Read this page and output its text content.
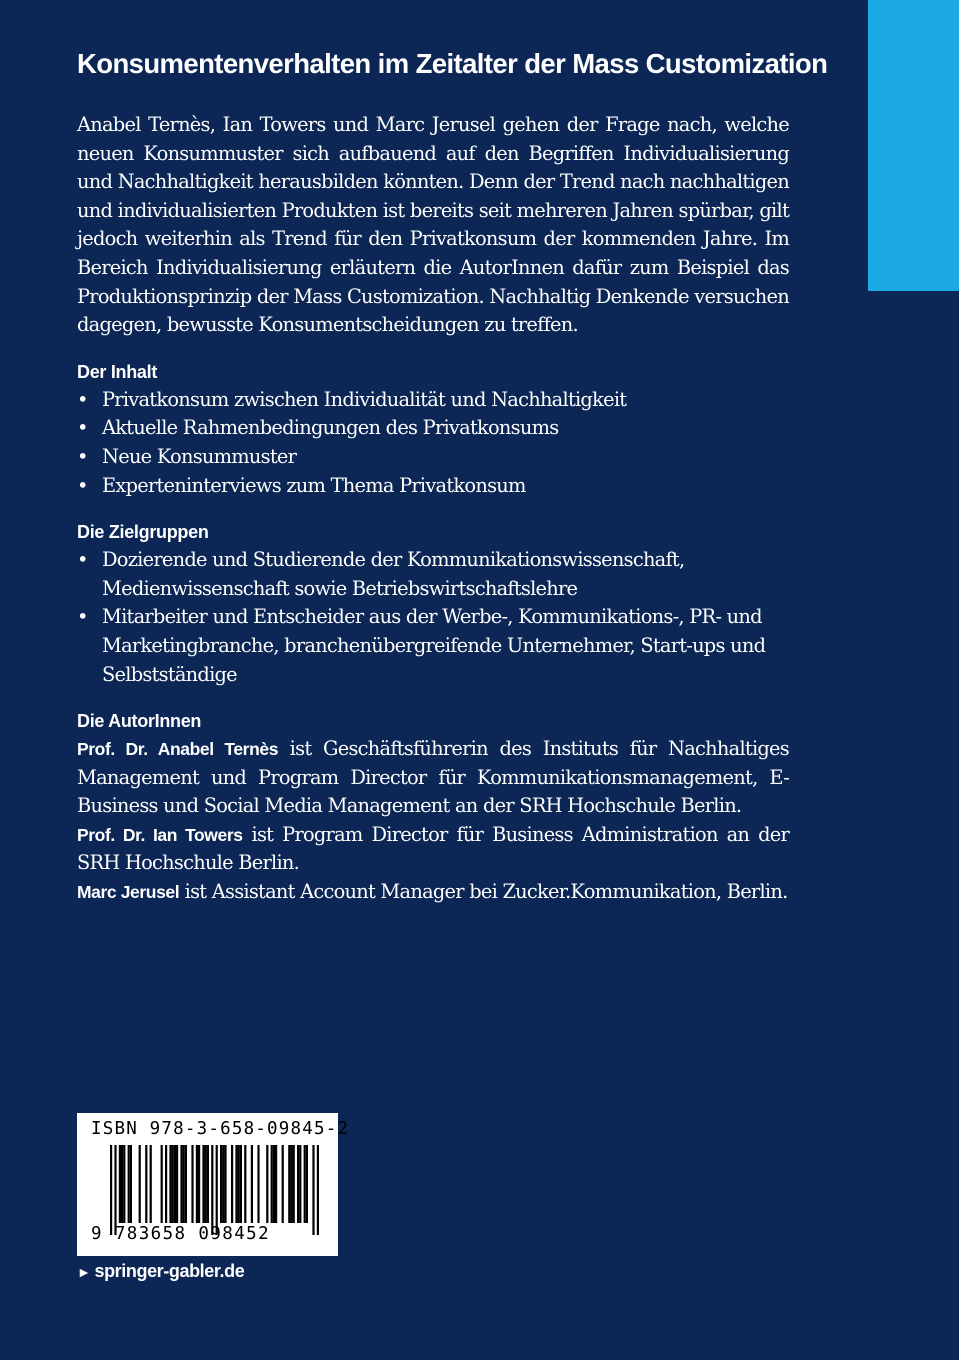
Konsumentenverhalten im Zeitalter der Mass Customization

Anabel Ternès, Ian Towers und Marc Jerusel gehen der Frage nach, welche neuen Konsummuster sich aufbauend auf den Begriffen Individualisierung und Nachhaltigkeit herausbilden könnten. Denn der Trend nach nachhaltigen und individualisierten Produkten ist bereits seit mehreren Jahren spürbar, gilt jedoch weiterhin als Trend für den Privatkonsum der kommenden Jahre. Im Bereich Individualisierung erläutern die AutorInnen dafür zum Beispiel das Produktionsprinzip der Mass Customization. Nachhaltig Denkende versuchen dagegen, bewusste Konsumentscheidungen zu treffen.

Der Inhalt
• Privatkonsum zwischen Individualität und Nachhaltigkeit
• Aktuelle Rahmenbedingungen des Privatkonsums
• Neue Konsummuster
• Experteninterviews zum Thema Privatkonsum
Die Zielgruppen
• Dozierende und Studierende der Kommunikationswissenschaft, Medienwissenschaft sowie Betriebswirtschaftslehre
• Mitarbeiter und Entscheider aus der Werbe-, Kommunikations-, PR- und Marketingbranche, branchenübergreifende Unternehmer, Start-ups und Selbstständige
Die AutorInnen

Prof. Dr. Anabel Ternès ist Geschäftsführerin des Instituts für Nachhaltiges Management und Program Director für Kommunikationsmanagement, E-Business und Social Media Management an der SRH Hochschule Berlin.

Prof. Dr. Ian Towers ist Program Director für Business Administration an der SRH Hochschule Berlin.

Marc Jerusel ist Assistant Account Manager bei Zucker.Kommunikation, Berlin.

ISBN 978-3-658-09845-2
9 783658 098452
► springer-gabler.de
